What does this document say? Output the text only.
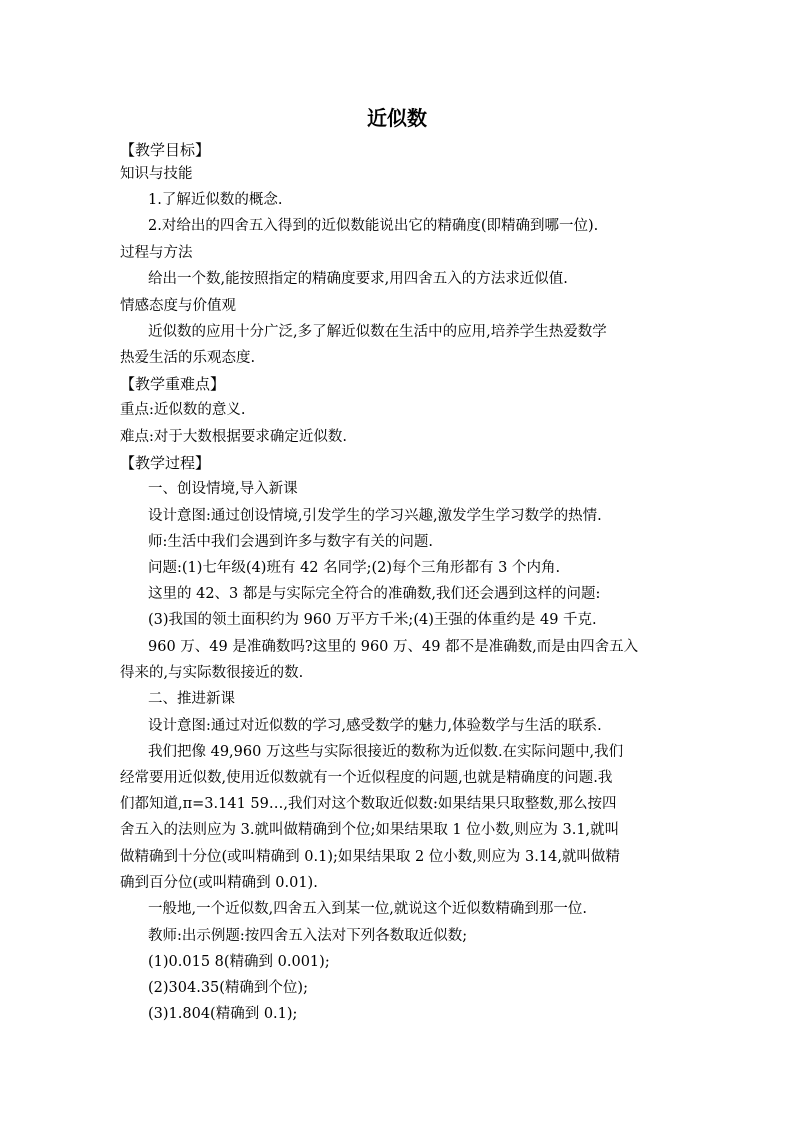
近似数
【教学目标】
知识与技能
1.了解近似数的概念.
2.对给出的四舍五入得到的近似数能说出它的精确度(即精确到哪一位).
过程与方法
给出一个数,能按照指定的精确度要求,用四舍五入的方法求近似值.
情感态度与价值观
近似数的应用十分广泛,多了解近似数在生活中的应用,培养学生热爱数学
热爱生活的乐观态度.
【教学重难点】
重点:近似数的意义.
难点:对于大数根据要求确定近似数.
【教学过程】
一、创设情境,导入新课
设计意图:通过创设情境,引发学生的学习兴趣,激发学生学习数学的热情.
师:生活中我们会遇到许多与数字有关的问题.
问题:(1)七年级(4)班有 42 名同学;(2)每个三角形都有 3 个内角.
这里的 42、3 都是与实际完全符合的准确数,我们还会遇到这样的问题:
(3)我国的领土面积约为 960 万平方千米;(4)王强的体重约是 49 千克.
960 万、49 是准确数吗?这里的 960 万、49 都不是准确数,而是由四舍五入
得来的,与实际数很接近的数.
二、推进新课
设计意图:通过对近似数的学习,感受数学的魅力,体验数学与生活的联系.
我们把像 49,960 万这些与实际很接近的数称为近似数.在实际问题中,我们
经常要用近似数,使用近似数就有一个近似程度的问题,也就是精确度的问题.我
们都知道,π=3.141 59…,我们对这个数取近似数:如果结果只取整数,那么按四
舍五入的法则应为 3.就叫做精确到个位;如果结果取 1 位小数,则应为 3.1,就叫
做精确到十分位(或叫精确到 0.1);如果结果取 2 位小数,则应为 3.14,就叫做精
确到百分位(或叫精确到 0.01).
一般地,一个近似数,四舍五入到某一位,就说这个近似数精确到那一位.
教师:出示例题:按四舍五入法对下列各数取近似数;
(1)0.015 8(精确到 0.001);
(2)304.35(精确到个位);
(3)1.804(精确到 0.1);
